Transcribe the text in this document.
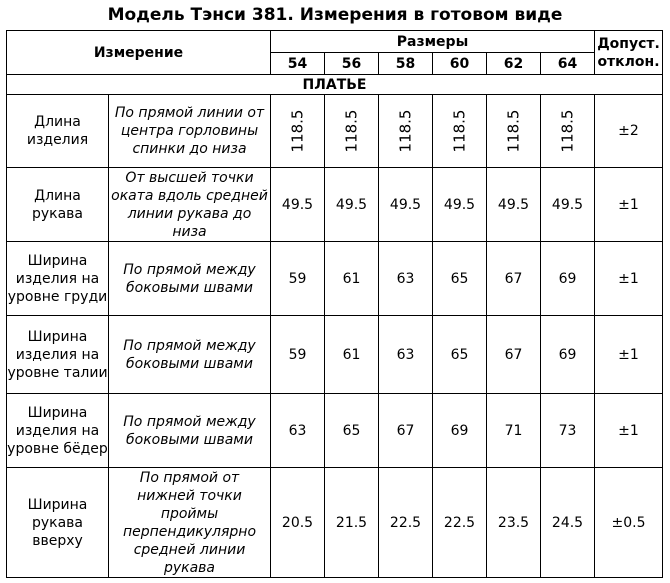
Модель Тэнси 381. Измерения в готовом виде
Измерение		Размеры						Допуст.
отклон.
		54	56	58	60	62	64	
ПЛАТЬЕ								
Длина изделия	По прямой линии от центра горловины спинки до низа	118.5	118.5	118.5	118.5	118.5	118.5	±2
Длина рукава	От высшей точки оката вдоль средней линии рукава до низа	49.5	49.5	49.5	49.5	49.5	49.5	±1
Ширина изделия на уровне груди	По прямой между боковыми швами	59	61	63	65	67	69	±1
Ширина изделия на уровне талии	По прямой между боковыми швами	59	61	63	65	67	69	±1
Ширина изделия на уровне бёдер	По прямой между боковыми швами	63	65	67	69	71	73	±1
Ширина рукава вверху	По прямой от нижней точки проймы перпендикулярно средней линии рукава	20.5	21.5	22.5	22.5	23.5	24.5	±0.5
